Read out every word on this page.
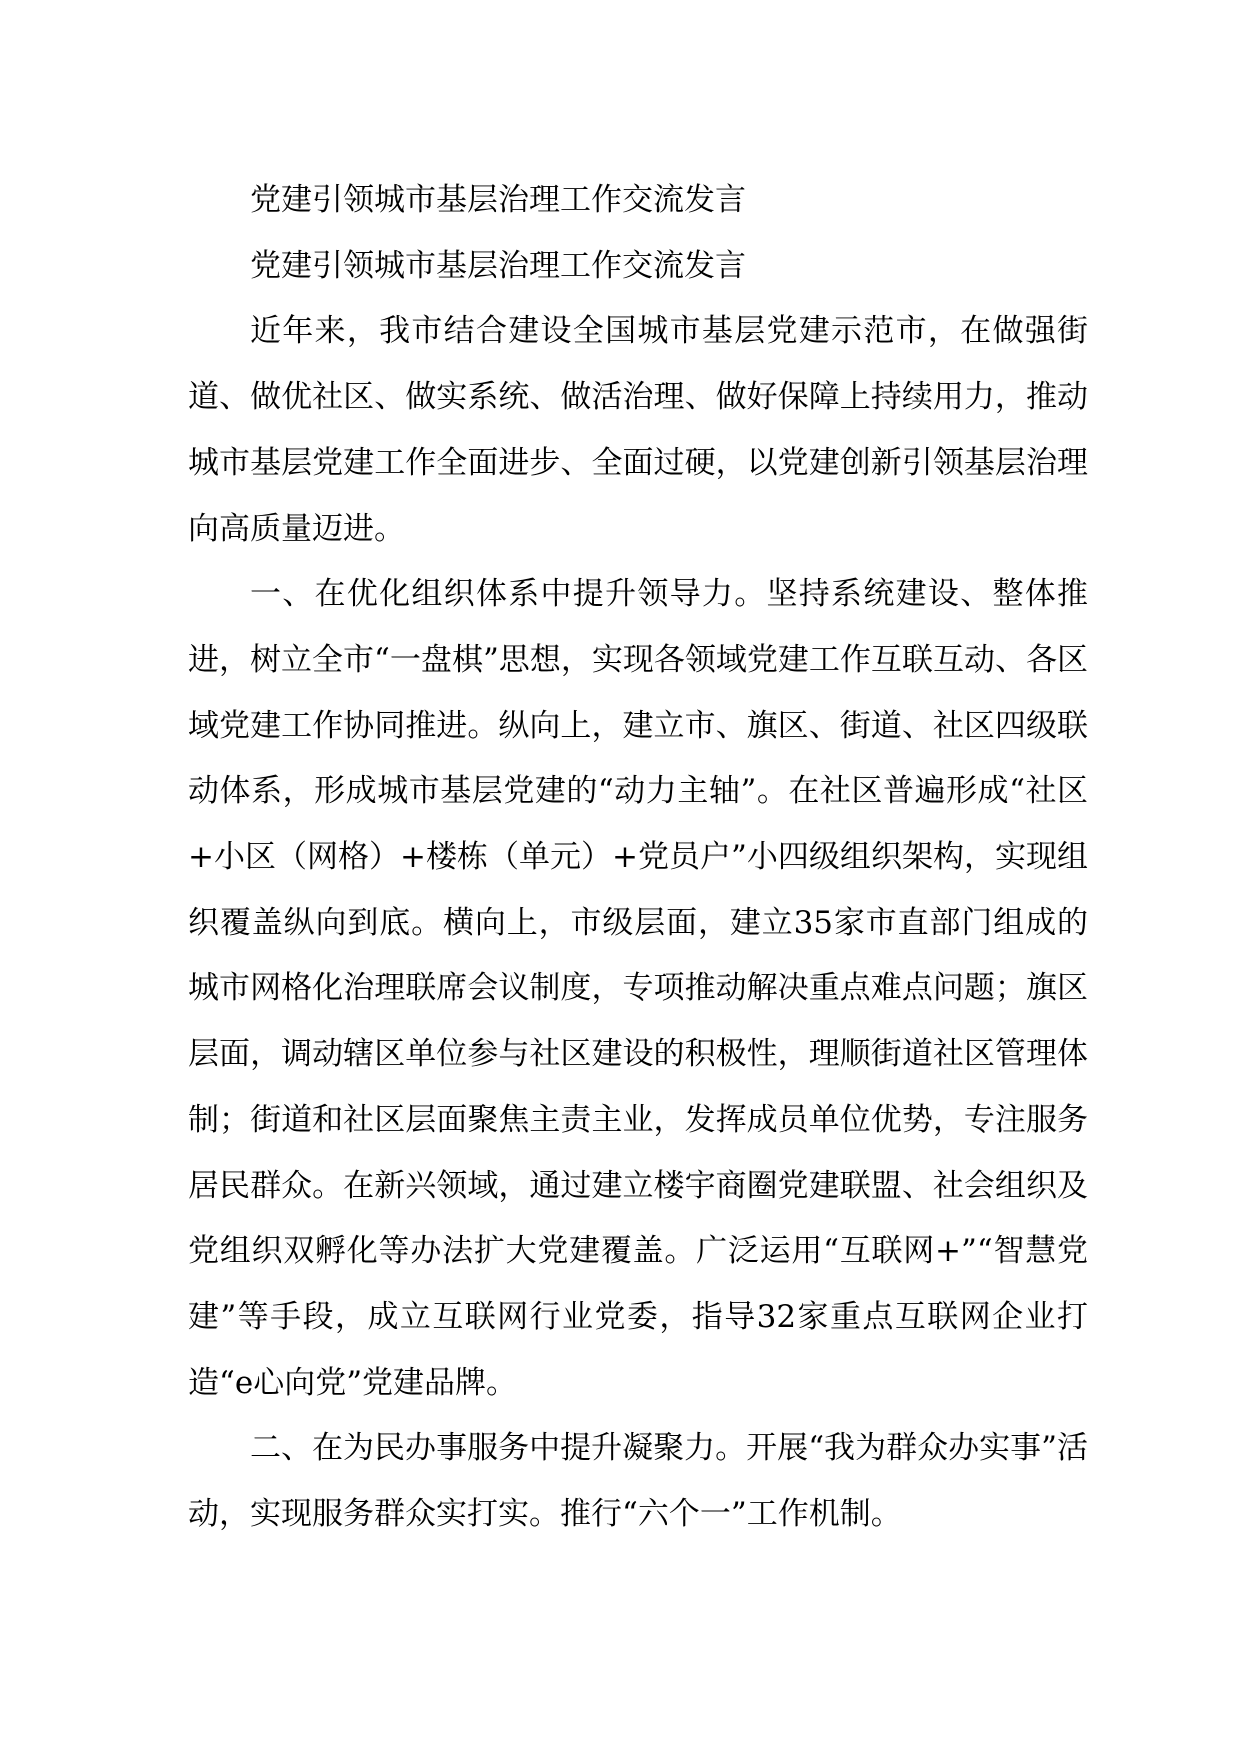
党建引领城市基层治理工作交流发言

党建引领城市基层治理工作交流发言

近年来，我市结合建设全国城市基层党建示范市，在做强街道、做优社区、做实系统、做活治理、做好保障上持续用力，推动城市基层党建工作全面进步、全面过硬，以党建创新引领基层治理向高质量迈进。

一、在优化组织体系中提升领导力。坚持系统建设、整体推进，树立全市“一盘棋”思想，实现各领域党建工作互联互动、各区域党建工作协同推进。纵向上，建立市、旗区、街道、社区四级联动体系，形成城市基层党建的“动力主轴”。在社区普遍形成“社区+小区（网格）+楼栋（单元）+党员户”小四级组织架构，实现组织覆盖纵向到底。横向上，市级层面，建立35家市直部门组成的城市网格化治理联席会议制度，专项推动解决重点难点问题；旗区层面，调动辖区单位参与社区建设的积极性，理顺街道社区管理体制；街道和社区层面聚焦主责主业，发挥成员单位优势，专注服务居民群众。在新兴领域，通过建立楼宇商圈党建联盟、社会组织及党组织双孵化等办法扩大党建覆盖。广泛运用“互联网+”“智慧党建”等手段，成立互联网行业党委，指导32家重点互联网企业打造“e心向党”党建品牌。

二、在为民办事服务中提升凝聚力。开展“我为群众办实事”活动，实现服务群众实打实。推行“六个一”工作机制。
